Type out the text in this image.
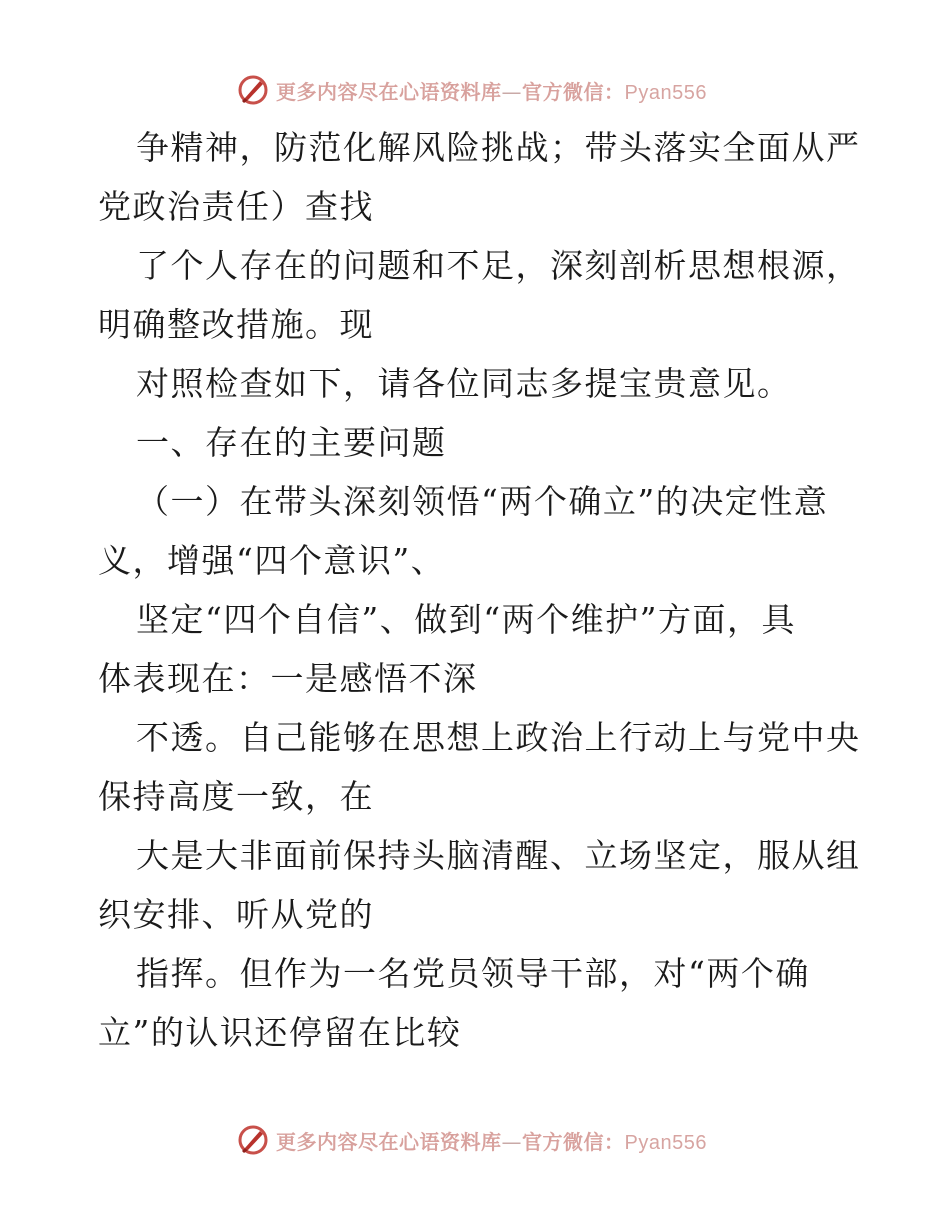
更多内容尽在心语资料库—官方微信：Pyan556
争精神，防范化解风险挑战；带头落实全面从严
党政治责任）查找
了个人存在的问题和不足，深刻剖析思想根源，
明确整改措施。现
对照检查如下，请各位同志多提宝贵意见。
一、存在的主要问题
（一）在带头深刻领悟“两个确立”的决定性意
义，增强“四个意识”、
坚定“四个自信”、做到“两个维护”方面，具
体表现在：一是感悟不深
不透。自己能够在思想上政治上行动上与党中央
保持高度一致，在
大是大非面前保持头脑清醒、立场坚定，服从组
织安排、听从党的
指挥。但作为一名党员领导干部，对“两个确
立”的认识还停留在比较
更多内容尽在心语资料库—官方微信：Pyan556
